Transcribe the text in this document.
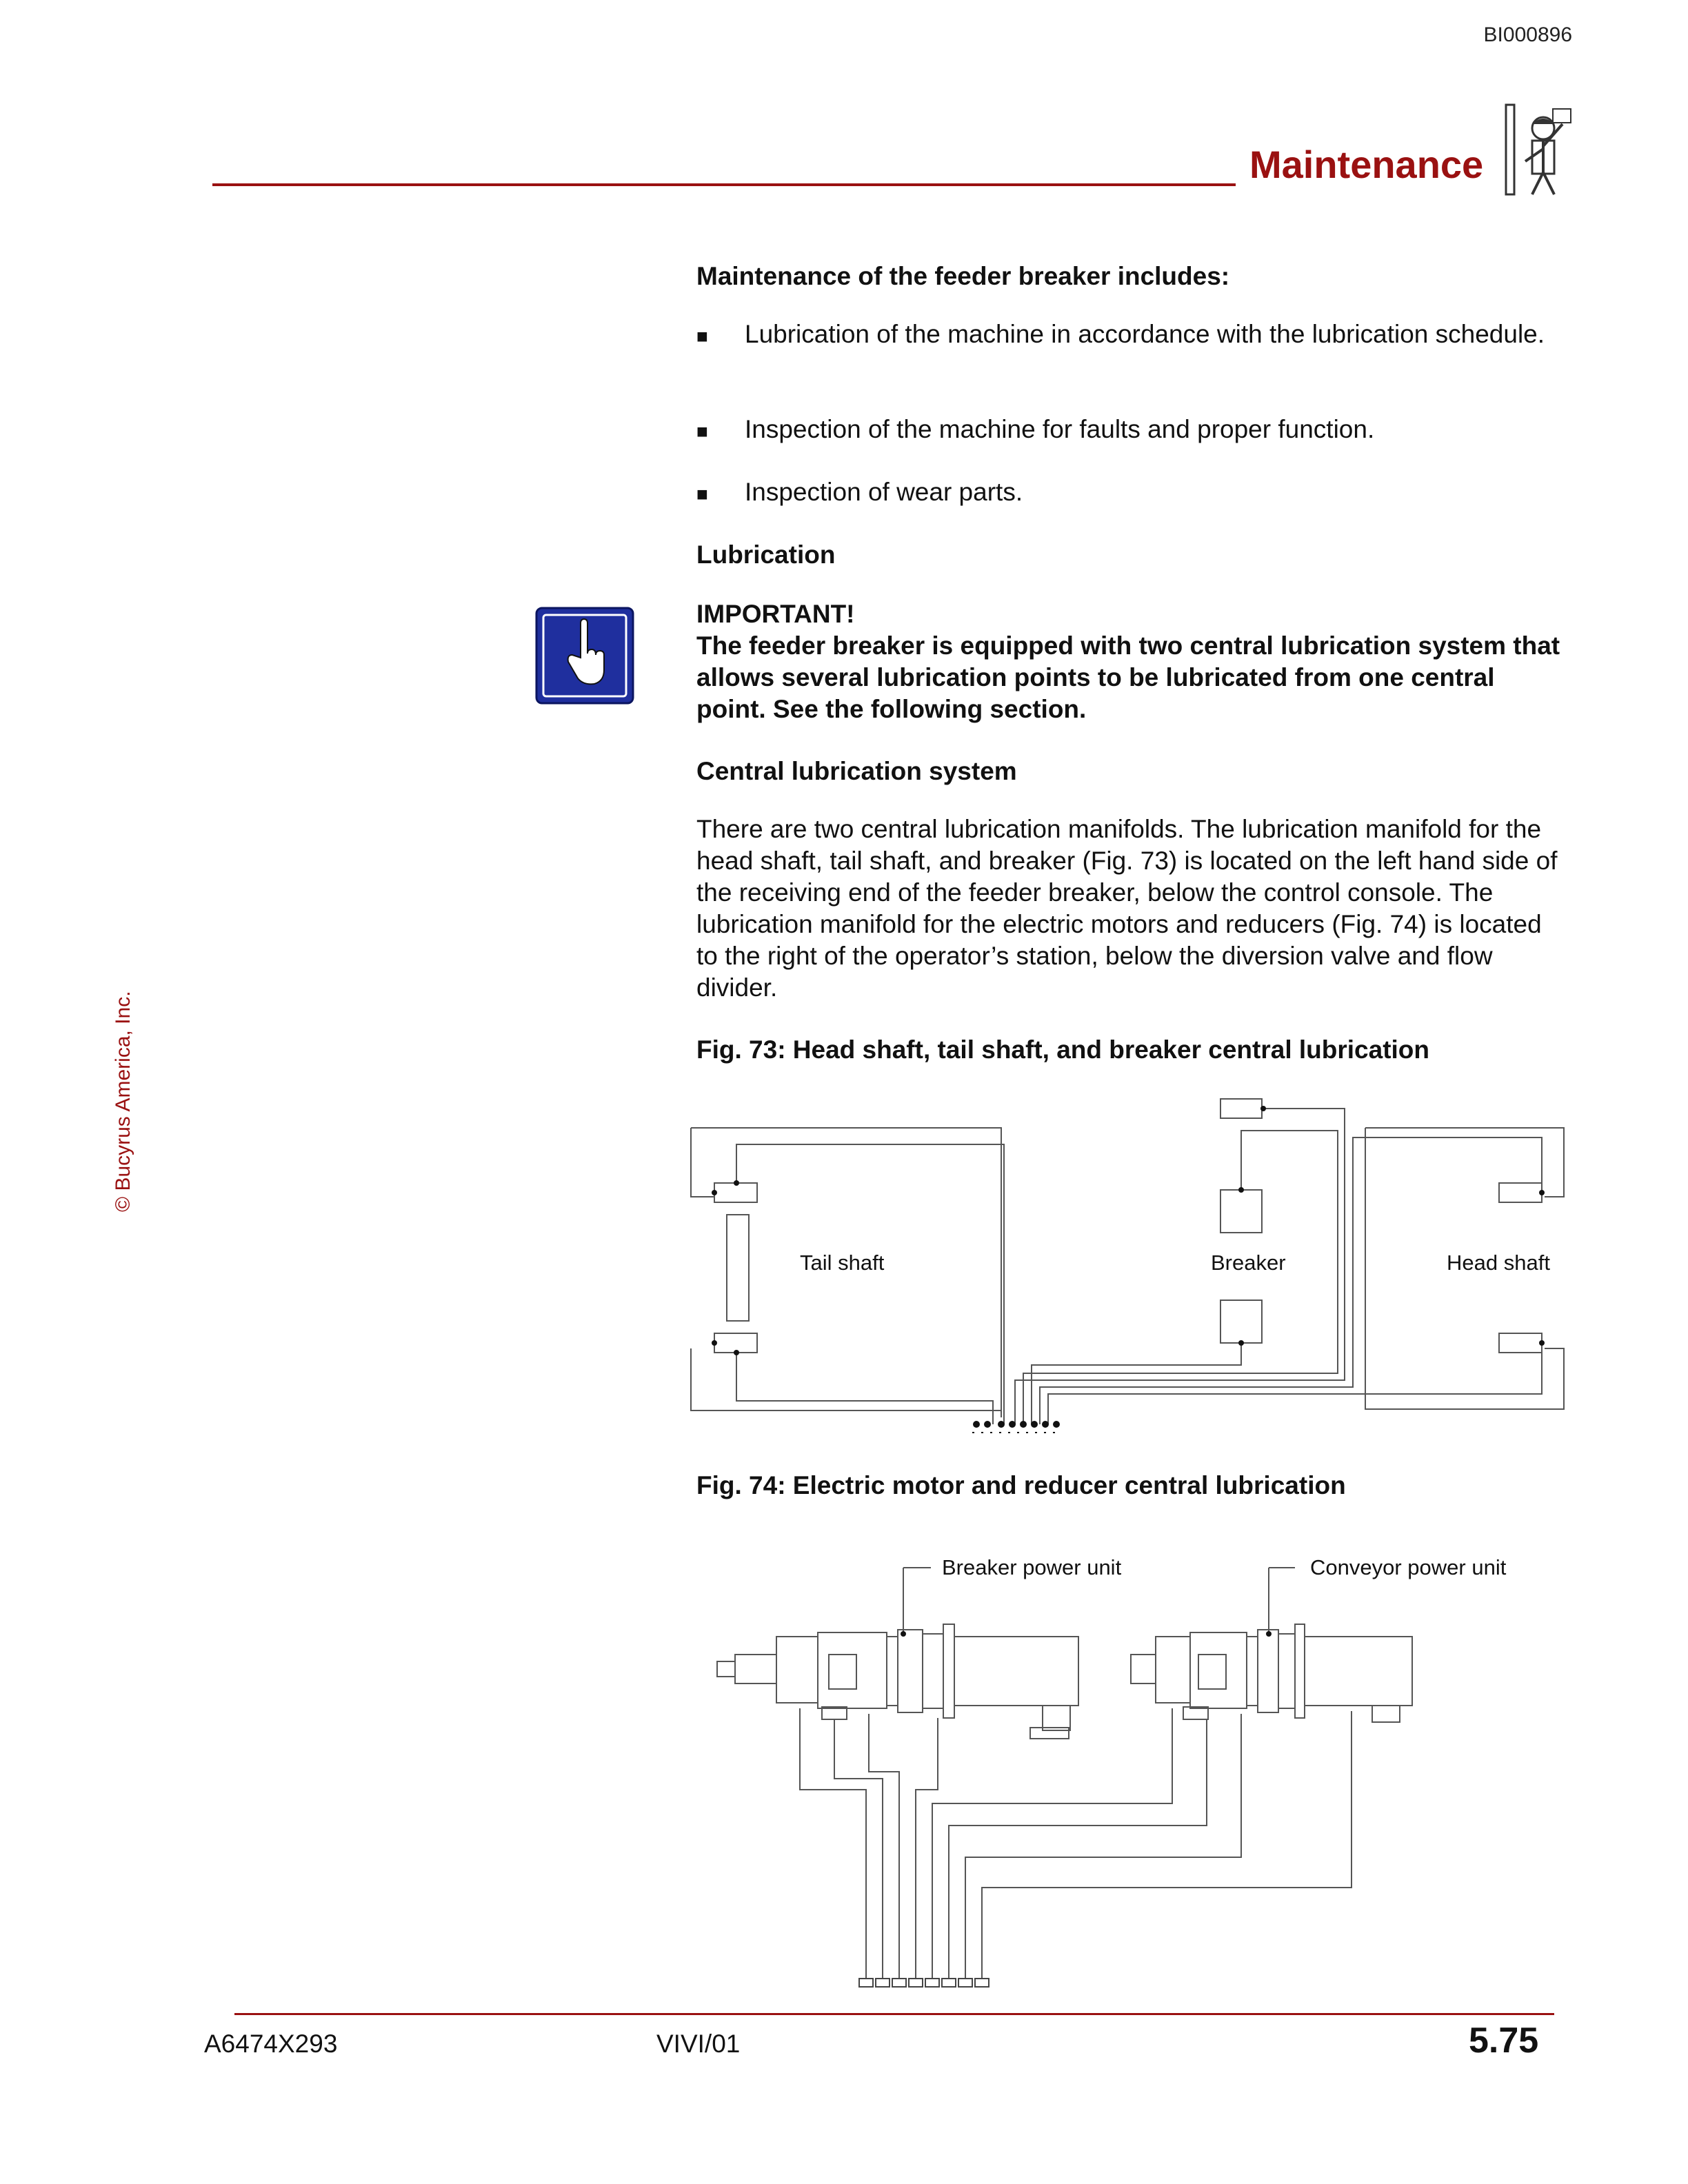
BI000896
Maintenance
© Bucyrus America, Inc.
Maintenance of the feeder breaker includes:
■ Lubrication of the machine in accordance with the lubrication schedule.
■ Inspection of the machine for faults and proper function.
■ Inspection of wear parts.
Lubrication
IMPORTANT!
The feeder breaker is equipped with two central lubrication system that allows several lubrication points to be lubricated from one central point. See the following section.
Central lubrication system
There are two central lubrication manifolds. The lubrication manifold for the head shaft, tail shaft, and breaker (Fig. 73) is located on the left hand side of the receiving end of the feeder breaker, below the control console. The lubrication manifold for the electric motors and reducers (Fig. 74) is located to the right of the operator’s station, below the diversion valve and flow divider.
Fig. 73: Head shaft, tail shaft, and breaker central lubrication
Tail shaft	Breaker	Head shaft
Fig. 74: Electric motor and reducer central lubrication
Breaker power unit	Conveyor power unit
A6474X293	VIVI/01	5.75
